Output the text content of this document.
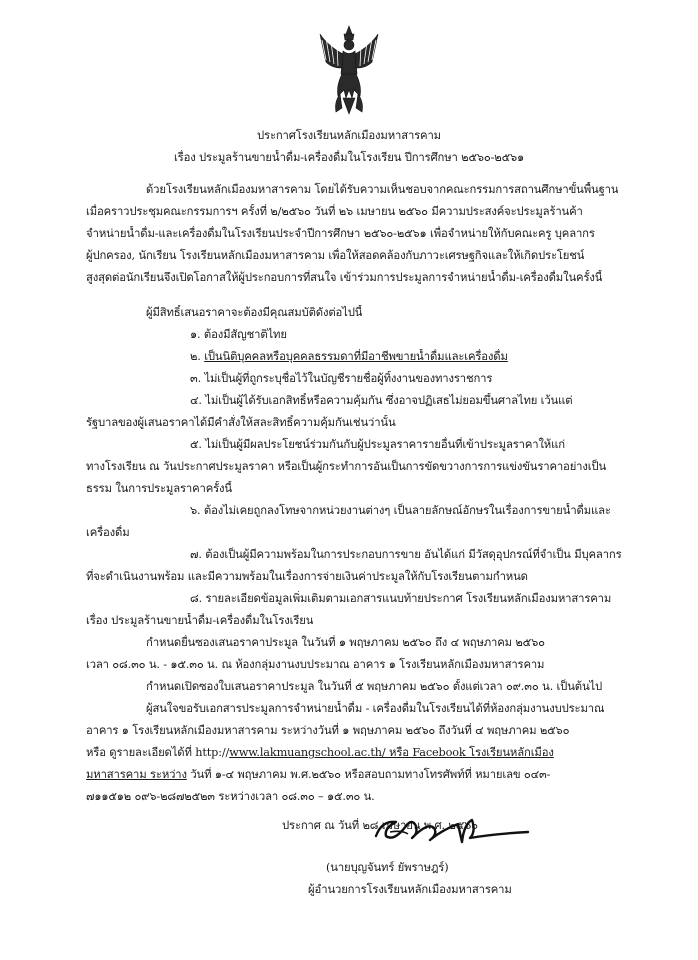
ประกาศโรงเรียนหลักเมืองมหาสารคาม
เรื่อง ประมูลร้านขายน้ำดื่ม-เครื่องดื่มในโรงเรียน ปีการศึกษา ๒๕๖๐-๒๕๖๑
ด้วยโรงเรียนหลักเมืองมหาสารคาม โดยได้รับความเห็นชอบจากคณะกรรมการสถานศึกษาขั้นพื้นฐาน
เมื่อคราวประชุมคณะกรรมการฯ ครั้งที่ ๒/๒๕๖๐ วันที่ ๒๖ เมษายน ๒๕๖๐ มีความประสงค์จะประมูลร้านค้า
จำหน่ายน้ำดื่ม-และเครื่องดื่มในโรงเรียนประจำปีการศึกษา ๒๕๖๐-๒๕๖๑ เพื่อจำหน่ายให้กับคณะครู บุคลากร
ผู้ปกครอง, นักเรียน โรงเรียนหลักเมืองมหาสารคาม เพื่อให้สอดคล้องกับภาวะเศรษฐกิจและให้เกิดประโยชน์
สูงสุดต่อนักเรียนจึงเปิดโอกาสให้ผู้ประกอบการที่สนใจ เข้าร่วมการประมูลการจำหน่ายน้ำดื่ม-เครื่องดื่มในครั้งนี้
ผู้มีสิทธิ์เสนอราคาจะต้องมีคุณสมบัติดังต่อไปนี้
๑. ต้องมีสัญชาติไทย
๒. เป็นนิติบุคคลหรือบุคคลธรรมดาที่มีอาชีพขายน้ำดื่มและเครื่องดื่ม
๓. ไม่เป็นผู้ที่ถูกระบุชื่อไว้ในบัญชีรายชื่อผู้ทิ้งงานของทางราชการ
๔. ไม่เป็นผู้ได้รับเอกสิทธิ์หรือความคุ้มกัน ซึ่งอาจปฏิเสธไม่ยอมขึ้นศาลไทย เว้นแต่
รัฐบาลของผู้เสนอราคาได้มีคำสั่งให้สละสิทธิ์ความคุ้มกันเช่นว่านั้น
๕. ไม่เป็นผู้มีผลประโยชน์ร่วมกันกับผู้ประมูลราคารายอื่นที่เข้าประมูลราคาให้แก่
ทางโรงเรียน ณ วันประกาศประมูลราคา หรือเป็นผู้กระทำการอันเป็นการขัดขวางการการแข่งขันราคาอย่างเป็น
ธรรม ในการประมูลราคาครั้งนี้
๖. ต้องไม่เคยถูกลงโทษจากหน่วยงานต่างๆ เป็นลายลักษณ์อักษรในเรื่องการขายน้ำดื่มและ
เครื่องดื่ม
๗. ต้องเป็นผู้มีความพร้อมในการประกอบการขาย อันได้แก่ มีวัสดุอุปกรณ์ที่จำเป็น มีบุคลากร
ที่จะดำเนินงานพร้อม และมีความพร้อมในเรื่องการจ่ายเงินค่าประมูลให้กับโรงเรียนตามกำหนด
๘. รายละเอียดข้อมูลเพิ่มเติมตามเอกสารแนบท้ายประกาศ โรงเรียนหลักเมืองมหาสารคาม
เรื่อง ประมูลร้านขายน้ำดื่ม-เครื่องดื่มในโรงเรียน
กำหนดยื่นซองเสนอราคาประมูล ในวันที่ ๑ พฤษภาคม ๒๕๖๐ ถึง ๔ พฤษภาคม ๒๕๖๐
เวลา ๐๘.๓๐ น. - ๑๕.๓๐ น. ณ ห้องกลุ่มงานงบประมาณ อาคาร ๑ โรงเรียนหลักเมืองมหาสารคาม
กำหนดเปิดซองใบเสนอราคาประมูล ในวันที่ ๕ พฤษภาคม ๒๕๖๐ ตั้งแต่เวลา ๐๙.๓๐ น. เป็นต้นไป
ผู้สนใจขอรับเอกสารประมูลการจำหน่ายน้ำดื่ม - เครื่องดื่มในโรงเรียนได้ที่ห้องกลุ่มงานงบประมาณ
อาคาร ๑ โรงเรียนหลักเมืองมหาสารคาม ระหว่างวันที่ ๑ พฤษภาคม ๒๕๖๐ ถึงวันที่ ๔ พฤษภาคม ๒๕๖๐
หรือ ดูรายละเอียดได้ที่ http://www.lakmuangschool.ac.th/ หรือ Facebook โรงเรียนหลักเมือง
มหาสารคาม ระหว่าง วันที่ ๑-๔ พฤษภาคม พ.ศ.๒๕๖๐ หรือสอบถามทางโทรศัพท์ที่ หมายเลข ๐๔๓-
๗๑๑๕๑๒ ๐๙๖-๒๘๗๒๕๒๓ ระหว่างเวลา ๐๘.๓๐ – ๑๕.๓๐ น.
ประกาศ ณ วันที่ ๒๘ เมษายน พ.ศ. ๒๕๖๐
(นายบุญจันทร์ ยัพราษฎร์)
ผู้อำนวยการโรงเรียนหลักเมืองมหาสารคาม
